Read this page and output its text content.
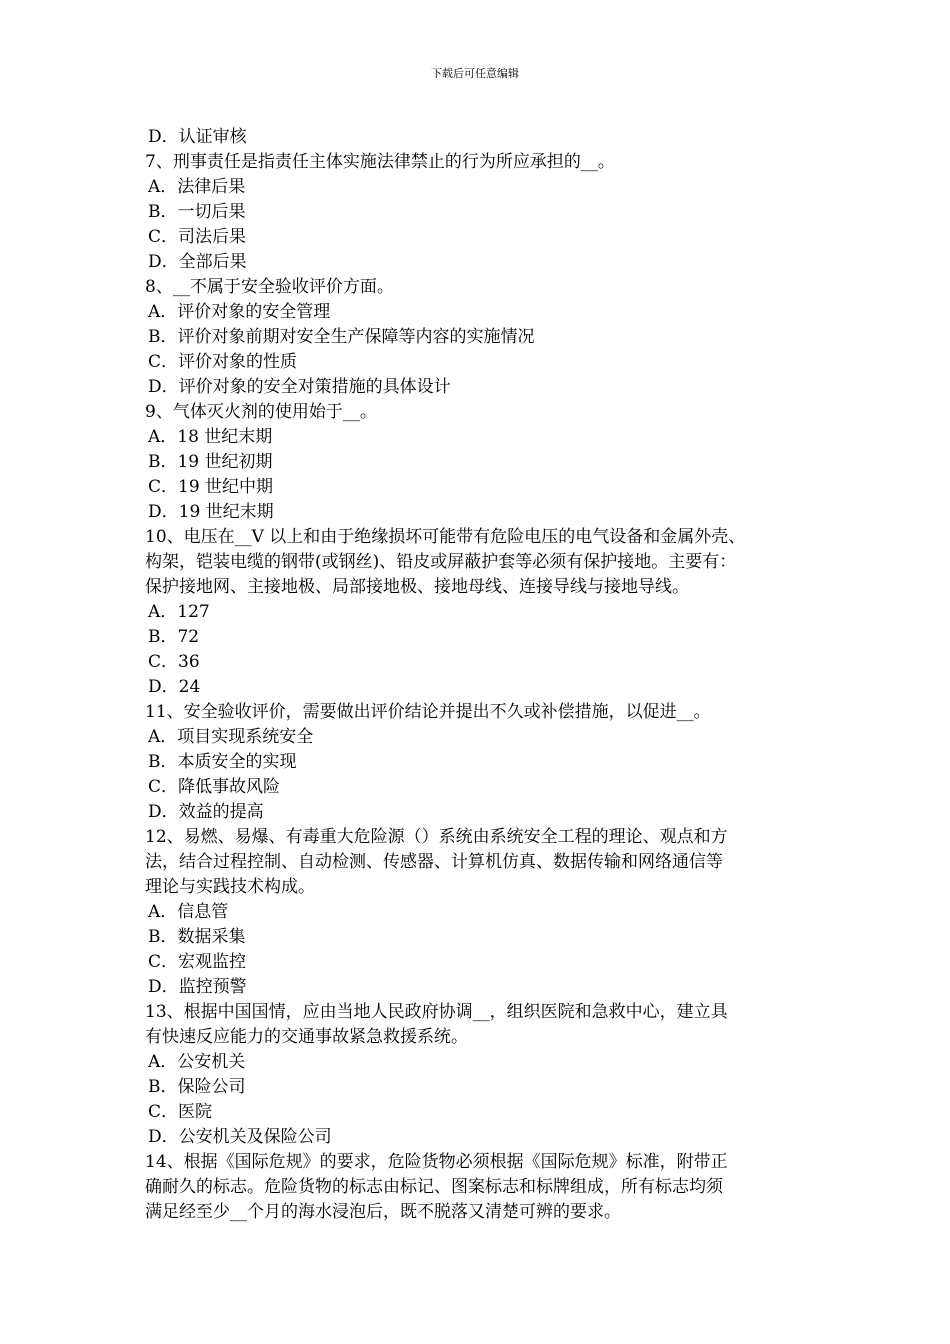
下载后可任意编辑
D．认证审核
7、刑事责任是指责任主体实施法律禁止的行为所应承担的__。
A．法律后果
B．一切后果
C．司法后果
D．全部后果
8、__不属于安全验收评价方面。
A．评价对象的安全管理
B．评价对象前期对安全生产保障等内容的实施情况
C．评价对象的性质
D．评价对象的安全对策措施的具体设计
9、气体灭火剂的使用始于__。
A．18 世纪末期
B．19 世纪初期
C．19 世纪中期
D．19 世纪末期
10、电压在__V 以上和由于绝缘损坏可能带有危险电压的电气设备和金属外壳、
构架，铠装电缆的钢带(或钢丝)、铅皮或屏蔽护套等必须有保护接地。主要有：
保护接地网、主接地极、局部接地极、接地母线、连接导线与接地导线。
A．127
B．72
C．36
D．24
11、安全验收评价，需要做出评价结论并提出不久或补偿措施，以促进__。
A．项目实现系统安全
B．本质安全的实现
C．降低事故风险
D．效益的提高
12、易燃、易爆、有毒重大危险源（）系统由系统安全工程的理论、观点和方
法，结合过程控制、自动检测、传感器、计算机仿真、数据传输和网络通信等
理论与实践技术构成。
A．信息管
B．数据采集
C．宏观监控
D．监控预警
13、根据中国国情，应由当地人民政府协调__，组织医院和急救中心，建立具
有快速反应能力的交通事故紧急救援系统。
A．公安机关
B．保险公司
C．医院
D．公安机关及保险公司
14、根据《国际危规》的要求，危险货物必须根据《国际危规》标准，附带正
确耐久的标志。危险货物的标志由标记、图案标志和标牌组成，所有标志均须
满足经至少__个月的海水浸泡后，既不脱落又清楚可辨的要求。
